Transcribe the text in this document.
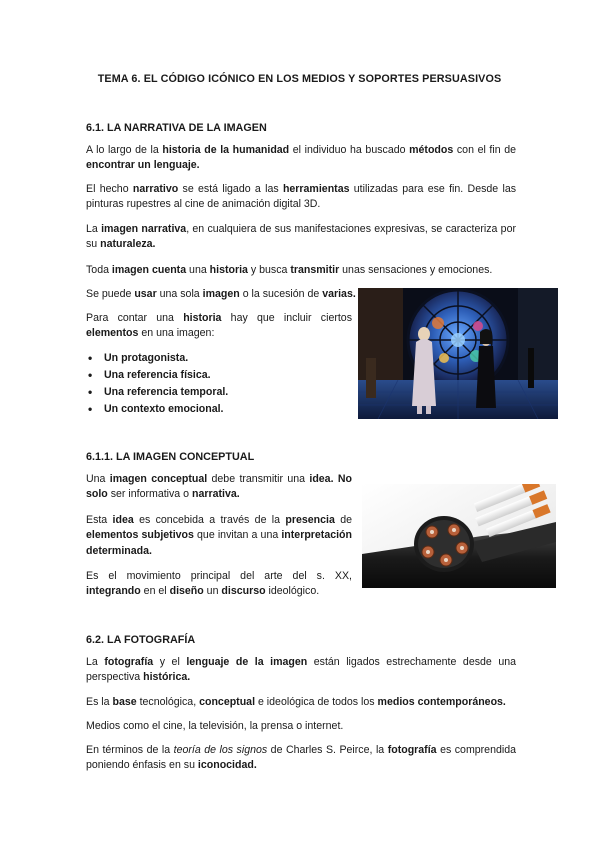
TEMA 6. EL CÓDIGO ICÓNICO EN LOS MEDIOS Y SOPORTES PERSUASIVOS
6.1. LA NARRATIVA DE LA IMAGEN
A lo largo de la historia de la humanidad el individuo ha buscado métodos con el fin de encontrar un lenguaje.
El hecho narrativo se está ligado a las herramientas utilizadas para ese fin. Desde las pinturas rupestres al cine de animación digital 3D.
La imagen narrativa, en cualquiera de sus manifestaciones expresivas, se caracteriza por su naturaleza.
Toda imagen cuenta una historia y busca transmitir unas sensaciones y emociones.
Se puede usar una sola imagen o la sucesión de varias.
Para contar una historia hay que incluir ciertos elementos en una imagen:
• Un protagonista.
• Una referencia física.
• Una referencia temporal.
• Un contexto emocional.
6.1.1. LA IMAGEN CONCEPTUAL
Una imagen conceptual debe transmitir una idea. No solo ser informativa o narrativa.
Esta idea es concebida a través de la presencia de elementos subjetivos que invitan a una interpretación determinada.
Es el movimiento principal del arte del s. XX, integrando en el diseño un discurso ideológico.
6.2. LA FOTOGRAFÍA
La fotografía y el lenguaje de la imagen están ligados estrechamente desde una perspectiva histórica.
Es la base tecnológica, conceptual e ideológica de todos los medios contemporáneos.
Medios como el cine, la televisión, la prensa o internet.
En términos de la teoría de los signos de Charles S. Peirce, la fotografía es comprendida poniendo énfasis en su iconocidad.
